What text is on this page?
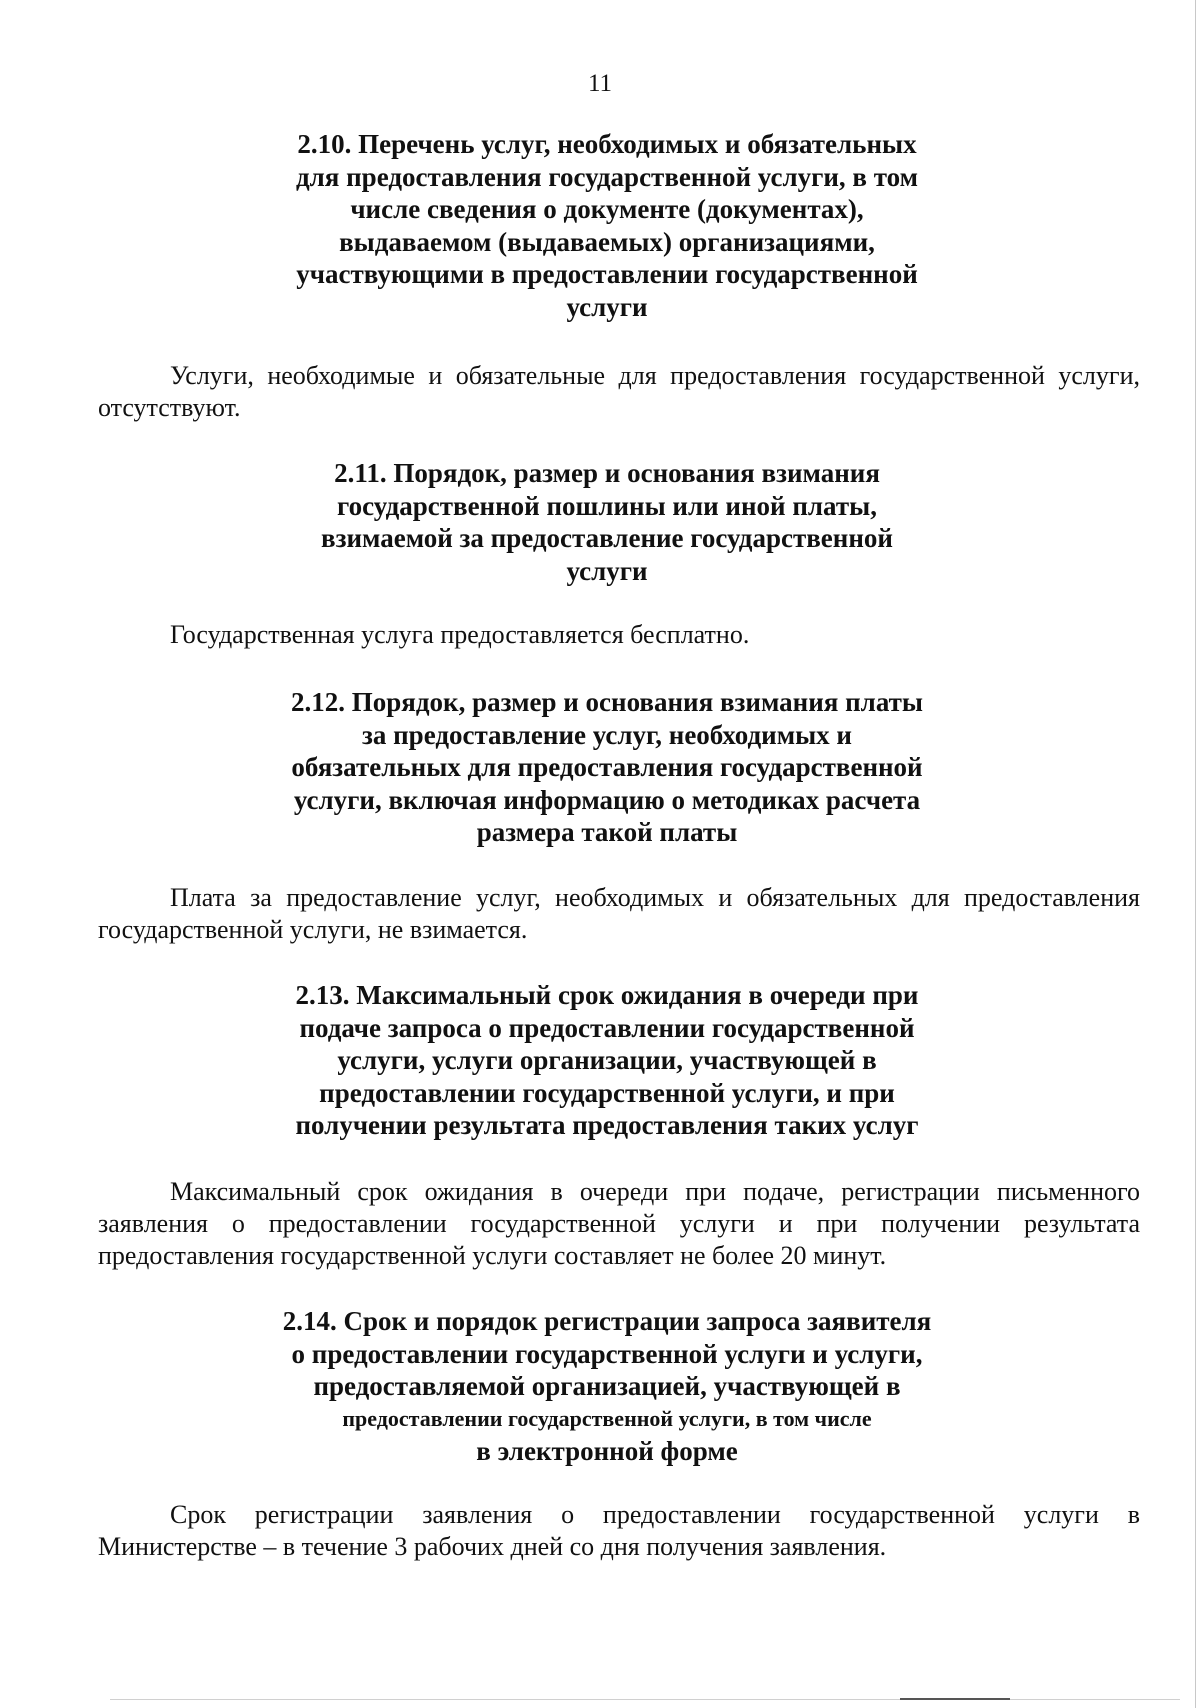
11
2.10. Перечень услуг, необходимых и обязательных
для предоставления государственной услуги, в том
числе сведения о документе (документах),
выдаваемом (выдаваемых) организациями,
участвующими в предоставлении государственной
услуги
Услуги, необходимые и обязательные для предоставления государственной услуги, отсутствуют.
2.11. Порядок, размер и основания взимания
государственной пошлины или иной платы,
взимаемой за предоставление государственной
услуги
Государственная услуга предоставляется бесплатно.
2.12. Порядок, размер и основания взимания платы
за предоставление услуг, необходимых и
обязательных для предоставления государственной
услуги, включая информацию о методиках расчета
размера такой платы
Плата за предоставление услуг, необходимых и обязательных для предоставления государственной услуги, не взимается.
2.13. Максимальный срок ожидания в очереди при
подаче запроса о предоставлении государственной
услуги, услуги организации, участвующей в
предоставлении государственной услуги, и при
получении результата предоставления таких услуг
Максимальный срок ожидания в очереди при подаче, регистрации письменного заявления о предоставлении государственной услуги и при получении результата предоставления государственной услуги составляет не более 20 минут.
2.14. Срок и порядок регистрации запроса заявителя
о предоставлении государственной услуги и услуги,
предоставляемой организацией, участвующей в
предоставлении государственной услуги, в том числе
в электронной форме
Срок регистрации заявления о предоставлении государственной услуги в Министерстве – в течение 3 рабочих дней со дня получения заявления.
